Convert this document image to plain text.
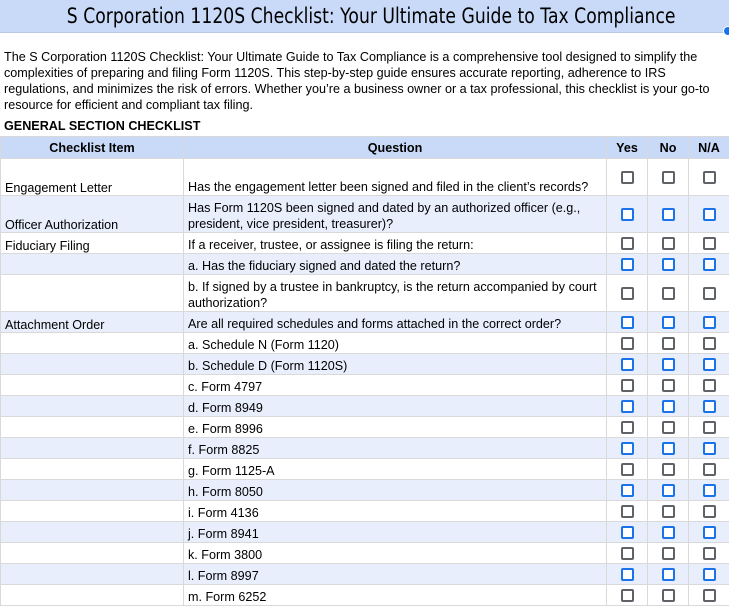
S Corporation 1120S Checklist: Your Ultimate Guide to Tax Compliance
The S Corporation 1120S Checklist: Your Ultimate Guide to Tax Compliance is a comprehensive tool designed to simplify the complexities of preparing and filing Form 1120S. This step-by-step guide ensures accurate reporting, adherence to IRS regulations, and minimizes the risk of errors. Whether you’re a business owner or a tax professional, this checklist is your go-to resource for efficient and compliant tax filing.
GENERAL SECTION CHECKLIST
Checklist Item	Question	Yes	No	N/A
Engagement Letter	Has the engagement letter been signed and filed in the client’s records?			
Officer Authorization	Has Form 1120S been signed and dated by an authorized officer (e.g., president, vice president, treasurer)?			
Fiduciary Filing	If a receiver, trustee, or assignee is filing the return:			
	a. Has the fiduciary signed and dated the return?			
	b. If signed by a trustee in bankruptcy, is the return accompanied by court authorization?			
Attachment Order	Are all required schedules and forms attached in the correct order?			
	a. Schedule N (Form 1120)			
	b. Schedule D (Form 1120S)			
	c. Form 4797			
	d. Form 8949			
	e. Form 8996			
	f. Form 8825			
	g. Form 1125-A			
	h. Form 8050			
	i. Form 4136			
	j. Form 8941			
	k. Form 3800			
	l. Form 8997			
	m. Form 6252			
